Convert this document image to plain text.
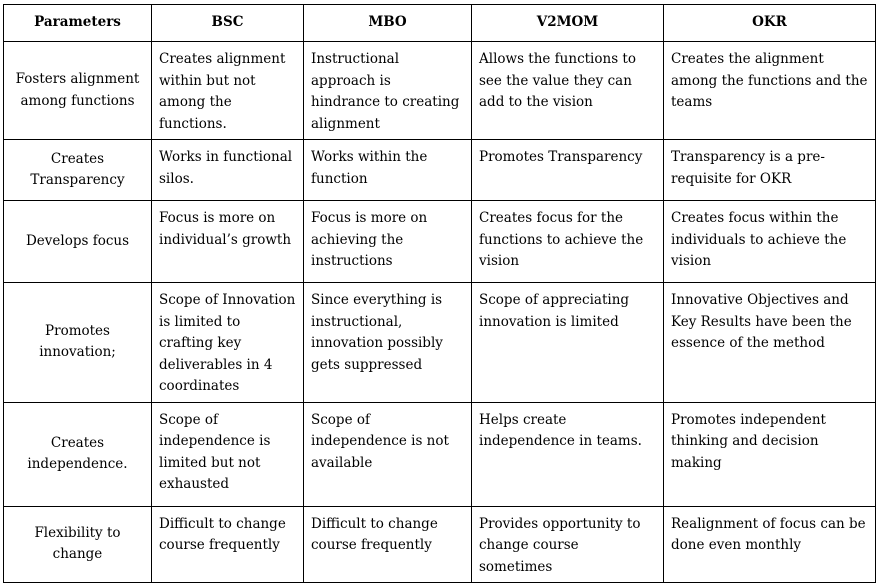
Parameters	BSC	MBO	V2MOM	OKR
Fosters alignment among functions	Creates alignment within but not among the functions.	Instructional approach is hindrance to creating alignment	Allows the functions to see the value they can add to the vision	Creates the alignment among the functions and the teams
Creates Transparency	Works in functional silos.	Works within the function	Promotes Transparency	Transparency is a pre-requisite for OKR
Develops focus	Focus is more on individual’s growth	Focus is more on achieving the instructions	Creates focus for the functions to achieve the vision	Creates focus within the individuals to achieve the vision
Promotes innovation;	Scope of Innovation is limited to crafting key deliverables in 4 coordinates	Since everything is instructional, innovation possibly gets suppressed	Scope of appreciating innovation is limited	Innovative Objectives and Key Results have been the essence of the method
Creates independence.	Scope of independence is limited but not exhausted	Scope of independence is not available	Helps create independence in teams.	Promotes independent thinking and decision making
Flexibility to change	Difficult to change course frequently	Difficult to change course frequently	Provides opportunity to change course sometimes	Realignment of focus can be done even monthly
